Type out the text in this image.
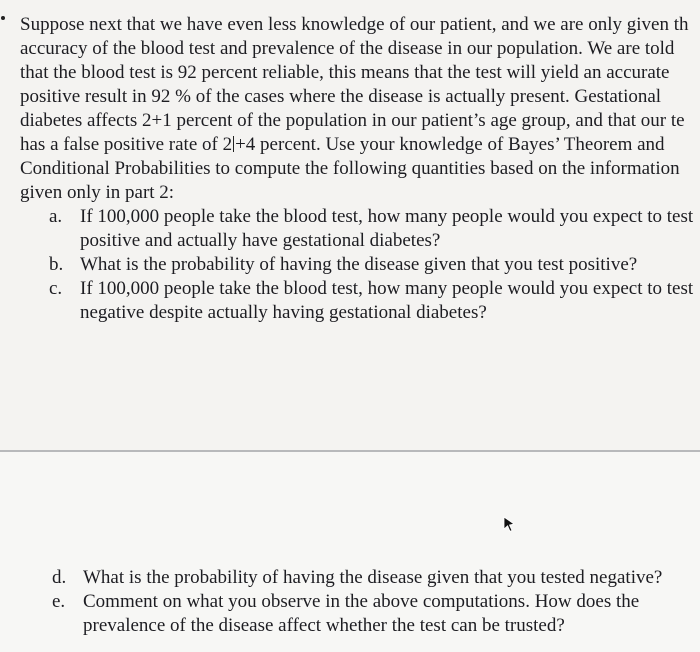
Suppose next that we have even less knowledge of our patient, and we are only given th
accuracy of the blood test and prevalence of the disease in our population. We are told
that the blood test is 92 percent reliable, this means that the test will yield an accurate
positive result in 92 % of the cases where the disease is actually present. Gestational
diabetes affects 2+1 percent of the population in our patient’s age group, and that our te
has a false positive rate of 2 +4 percent. Use your knowledge of Bayes’ Theorem and
Conditional Probabilities to compute the following quantities based on the information
given only in part 2:
a. If 100,000 people take the blood test, how many people would you expect to test
positive and actually have gestational diabetes?
b. What is the probability of having the disease given that you test positive?
c. If 100,000 people take the blood test, how many people would you expect to test
negative despite actually having gestational diabetes?
d. What is the probability of having the disease given that you tested negative?
e. Comment on what you observe in the above computations. How does the
prevalence of the disease affect whether the test can be trusted?
